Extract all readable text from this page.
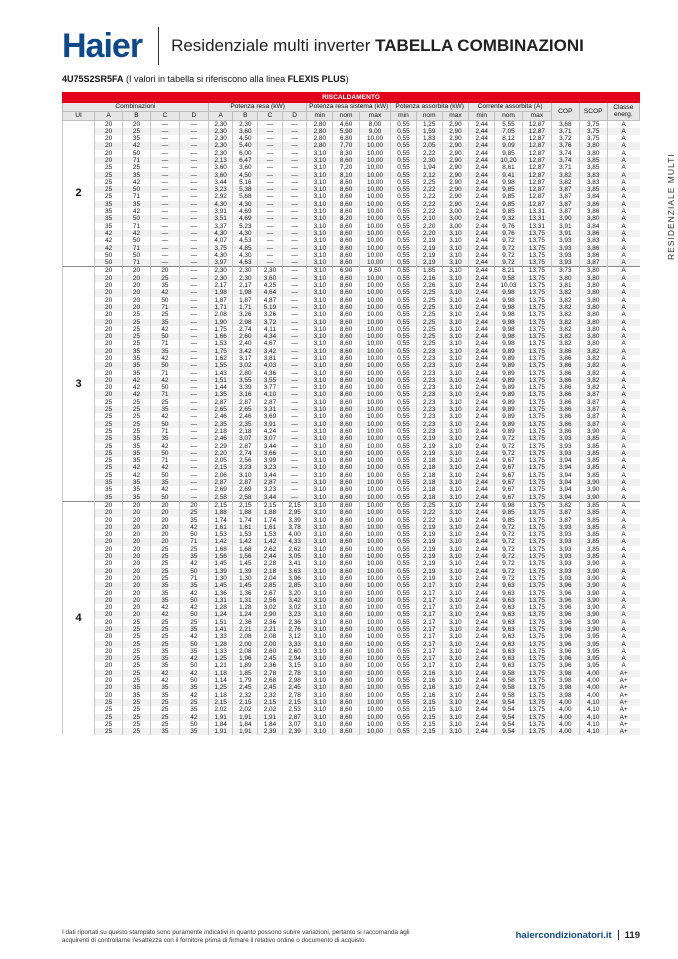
Haier Residenziale multi inverter TABELLA COMBINAZIONI
4U75S2SR5FA (I valori in tabella si riferiscono alla linea FLEXIS PLUS)
RESIDENZIALE MULTI
RISCALDAMENTO																				
Combinazioni					Potenza resa (kW)				Potenza resa sistema (kW)			Potenza assorbita (kW)			Corrente assorbita (A)			COP	SCOP	Classe energ.
UI	A	B	C	D	A	B	C	D	min	nom	max	min	nom	max	min	nom	max			
2	20	20	—	—	2,30	2,30	—	—	2,80	4,60	8,00	0,55	1,25	2,90	2,44	5,55	12,87	3,68	3,75	A
	20	25	—	—	2,30	3,60	—	—	2,80	5,90	9,00	0,55	1,59	2,90	2,44	7,05	12,87	3,71	3,75	A
	20	35	—	—	2,30	4,50	—	—	2,80	6,80	10,00	0,55	1,83	2,90	2,44	8,12	12,87	3,72	3,75	A
	20	42	—	—	2,30	5,40	—	—	2,80	7,70	10,00	0,55	2,05	2,90	2,44	9,09	12,87	3,76	3,80	A
	20	50	—	—	2,30	6,00	—	—	3,10	8,30	10,00	0,55	2,22	2,90	2,44	9,85	12,87	3,74	3,80	A
	20	71	—	—	2,13	6,47	—	—	3,10	8,60	10,00	0,55	2,30	2,90	2,44	10,20	12,87	3,74	3,85	A
	25	25	—	—	3,60	3,60	—	—	3,10	7,20	10,00	0,55	1,94	2,90	2,44	8,61	12,87	3,71	3,85	A
	25	35	—	—	3,60	4,50	—	—	3,10	8,10	10,00	0,55	2,12	2,90	2,44	9,41	12,87	3,82	3,83	A
	25	42	—	—	3,44	5,16	—	—	3,10	8,60	10,00	0,55	2,25	2,90	2,44	9,98	12,87	3,82	3,83	A
	25	50	—	—	3,23	5,38	—	—	3,10	8,60	10,00	0,55	2,22	2,90	2,44	9,85	12,87	3,87	3,85	A
	25	71	—	—	2,92	5,68	—	—	3,10	8,60	10,00	0,55	2,22	2,90	2,44	9,85	12,87	3,87	3,84	A
	35	35	—	—	4,30	4,30	—	—	3,10	8,60	10,00	0,55	2,22	2,90	2,44	9,85	12,87	3,87	3,86	A
	35	42	—	—	3,91	4,69	—	—	3,10	8,60	10,00	0,55	2,22	3,00	2,44	9,85	13,31	3,87	3,86	A
	35	50	—	—	3,51	4,69	—	—	3,10	8,20	10,00	0,55	2,10	3,00	2,44	9,32	13,31	3,90	3,80	A
	35	71	—	—	3,37	5,23	—	—	3,10	8,60	10,00	0,55	2,20	3,00	2,44	9,76	13,31	3,91	3,84	A
	42	42	—	—	4,30	4,30	—	—	3,10	8,60	10,00	0,55	2,20	3,10	2,44	9,76	13,75	3,91	3,86	A
	42	50	—	—	4,07	4,53	—	—	3,10	8,60	10,00	0,55	2,19	3,10	2,44	9,72	13,75	3,93	3,83	A
	42	71	—	—	3,75	4,85	—	—	3,10	8,60	10,00	0,55	2,19	3,10	2,44	9,72	13,75	3,93	3,86	A
	50	50	—	—	4,30	4,30	—	—	3,10	8,60	10,00	0,55	2,19	3,10	2,44	9,72	13,75	3,93	3,86	A
	50	71	—	—	3,97	4,63	—	—	3,10	8,60	10,00	0,55	2,19	3,10	2,44	9,72	13,75	3,93	3,87	A
3	20	20	20	—	2,30	2,30	2,30	—	3,10	6,90	9,50	0,55	1,85	3,10	2,44	8,21	13,75	3,73	3,80	A
	20	20	25	—	2,30	2,30	3,60	—	3,10	8,60	10,00	0,55	2,16	3,10	2,44	9,58	13,75	3,80	3,80	A
	20	20	35	—	2,17	2,17	4,25	—	3,10	8,60	10,00	0,55	2,26	3,10	2,44	10,03	13,75	3,81	3,80	A
	20	20	42	—	1,98	1,98	4,64	—	3,10	8,60	10,00	0,55	2,25	3,10	2,44	9,98	13,75	3,82	3,80	A
	20	20	50	—	1,87	1,87	4,87	—	3,10	8,60	10,00	0,55	2,25	3,10	2,44	9,98	13,75	3,82	3,80	A
	20	20	71	—	1,71	1,71	5,19	—	3,10	8,60	10,00	0,55	2,25	3,10	2,44	9,98	13,75	3,82	3,80	A
	20	25	25	—	2,08	3,26	3,26	—	3,10	8,60	10,00	0,55	2,25	3,10	2,44	9,98	13,75	3,82	3,80	A
	20	25	35	—	1,90	2,98	3,72	—	3,10	8,60	10,00	0,55	2,25	3,10	2,44	9,98	13,75	3,82	3,80	A
	20	25	42	—	1,75	2,74	4,11	—	3,10	8,60	10,00	0,55	2,25	3,10	2,44	9,98	13,75	3,82	3,80	A
	20	25	50	—	1,66	2,60	4,34	—	3,10	8,60	10,00	0,55	2,25	3,10	2,44	9,98	13,75	3,82	3,80	A
	20	25	71	—	1,53	2,40	4,67	—	3,10	8,60	10,00	0,55	2,25	3,10	2,44	9,98	13,75	3,82	3,80	A
	20	35	35	—	1,75	3,42	3,42	—	3,10	8,60	10,00	0,55	2,23	3,10	2,44	9,89	13,75	3,86	3,82	A
	20	35	42	—	1,62	3,17	3,81	—	3,10	8,60	10,00	0,55	2,23	3,10	2,44	9,89	13,75	3,86	3,82	A
	20	35	50	—	1,55	3,02	4,03	—	3,10	8,60	10,00	0,55	2,23	3,10	2,44	9,89	13,75	3,86	3,82	A
	20	35	71	—	1,43	2,80	4,36	—	3,10	8,60	10,00	0,55	2,23	3,10	2,44	9,89	13,75	3,86	3,82	A
	20	42	42	—	1,51	3,55	3,55	—	3,10	8,60	10,00	0,55	2,23	3,10	2,44	9,89	13,75	3,86	3,82	A
	20	42	50	—	1,44	3,39	3,77	—	3,10	8,60	10,00	0,55	2,23	3,10	2,44	9,89	13,75	3,86	3,82	A
	20	42	71	—	1,35	3,16	4,10	—	3,10	8,60	10,00	0,55	2,23	3,10	2,44	9,89	13,75	3,86	3,87	A
	25	25	25	—	2,87	2,87	2,87	—	3,10	8,60	10,00	0,55	2,23	3,10	2,44	9,89	13,75	3,86	3,87	A
	25	25	35	—	2,65	2,65	3,31	—	3,10	8,60	10,00	0,55	2,23	3,10	2,44	9,89	13,75	3,86	3,87	A
	25	25	42	—	2,46	2,46	3,69	—	3,10	8,60	10,00	0,55	2,23	3,10	2,44	9,89	13,75	3,86	3,87	A
	25	25	50	—	2,35	2,35	3,91	—	3,10	8,60	10,00	0,55	2,23	3,10	2,44	9,89	13,75	3,86	3,87	A
	25	25	71	—	2,18	2,18	4,24	—	3,10	8,60	10,00	0,55	2,23	3,10	2,44	9,89	13,75	3,86	3,90	A
	25	35	35	—	2,46	3,07	3,07	—	3,10	8,60	10,00	0,55	2,19	3,10	2,44	9,72	13,75	3,93	3,85	A
	25	35	42	—	2,29	2,87	3,44	—	3,10	8,60	10,00	0,55	2,19	3,10	2,44	9,72	13,75	3,93	3,85	A
	25	35	50	—	2,20	2,74	3,66	—	3,10	8,60	10,00	0,55	2,19	3,10	2,44	9,72	13,75	3,93	3,85	A
	25	35	71	—	2,05	2,56	3,99	—	3,10	8,60	10,00	0,55	2,18	3,10	2,44	9,67	13,75	3,94	3,85	A
	25	42	42	—	2,15	3,23	3,23	—	3,10	8,60	10,00	0,55	2,18	3,10	2,44	9,67	13,75	3,94	3,85	A
	25	42	50	—	2,06	3,10	3,44	—	3,10	8,60	10,00	0,55	2,18	3,10	2,44	9,67	13,75	3,94	3,85	A
	35	35	35	—	2,87	2,87	2,87	—	3,10	8,60	10,00	0,55	2,18	3,10	2,44	9,67	13,75	3,94	3,90	A
	35	35	42	—	2,69	2,69	3,23	—	3,10	8,60	10,00	0,55	2,18	3,10	2,44	9,67	13,75	3,94	3,90	A
	35	35	50	—	2,58	2,58	3,44	—	3,10	8,60	10,00	0,55	2,18	3,10	2,44	9,67	13,75	3,94	3,90	A
4	20	20	20	20	2,15	2,15	2,15	2,15	3,10	8,60	10,00	0,55	2,25	3,10	2,44	9,98	13,75	3,82	3,85	A
	20	20	20	25	1,88	1,88	1,88	2,95	3,10	8,60	10,00	0,55	2,22	3,10	2,44	9,85	13,75	3,87	3,85	A
	20	20	20	35	1,74	1,74	1,74	3,39	3,10	8,60	10,00	0,55	2,22	3,10	2,44	9,85	13,75	3,87	3,85	A
	20	20	20	42	1,61	1,61	1,61	3,78	3,10	8,60	10,00	0,55	2,19	3,10	2,44	9,72	13,75	3,93	3,85	A
	20	20	20	50	1,53	1,53	1,53	4,00	3,10	8,60	10,00	0,55	2,19	3,10	2,44	9,72	13,75	3,93	3,85	A
	20	20	20	71	1,42	1,42	1,42	4,33	3,10	8,60	10,00	0,55	2,19	3,10	2,44	9,72	13,75	3,93	3,85	A
	20	20	25	25	1,68	1,68	2,62	2,62	3,10	8,60	10,00	0,55	2,19	3,10	2,44	9,72	13,75	3,93	3,85	A
	20	20	25	35	1,56	1,56	2,44	3,05	3,10	8,60	10,00	0,55	2,19	3,10	2,44	9,72	13,75	3,93	3,85	A
	20	20	25	42	1,45	1,45	2,28	3,41	3,10	8,60	10,00	0,55	2,19	3,10	2,44	9,72	13,75	3,93	3,90	A
	20	20	25	50	1,39	1,39	2,18	3,63	3,10	8,60	10,00	0,55	2,19	3,10	2,44	9,72	13,75	3,93	3,90	A
	20	20	25	71	1,30	1,30	2,04	3,96	3,10	8,60	10,00	0,55	2,19	3,10	2,44	9,72	13,75	3,93	3,90	A
	20	20	35	35	1,45	1,45	2,85	2,85	3,10	8,60	10,00	0,55	2,17	3,10	2,44	9,63	13,75	3,96	3,90	A
	20	20	35	42	1,36	1,36	2,67	3,20	3,10	8,60	10,00	0,55	2,17	3,10	2,44	9,63	13,75	3,96	3,90	A
	20	20	35	50	1,31	1,31	2,56	3,42	3,10	8,60	10,00	0,55	2,17	3,10	2,44	9,63	13,75	3,96	3,90	A
	20	20	42	42	1,28	1,28	3,02	3,02	3,10	8,60	10,00	0,55	2,17	3,10	2,44	9,63	13,75	3,96	3,90	A
	20	20	42	50	1,24	1,24	2,90	3,23	3,10	8,60	10,00	0,55	2,17	3,10	2,44	9,63	13,75	3,96	3,90	A
	20	25	25	25	1,51	2,36	2,36	2,36	3,10	8,60	10,00	0,55	2,17	3,10	2,44	9,63	13,75	3,96	3,90	A
	20	25	25	35	1,41	2,21	2,21	2,76	3,10	8,60	10,00	0,55	2,17	3,10	2,44	9,63	13,75	3,96	3,90	A
	20	25	25	42	1,33	2,08	2,08	3,12	3,10	8,60	10,00	0,55	2,17	3,10	2,44	9,63	13,75	3,96	3,95	A
	20	25	25	50	1,28	2,00	2,00	3,33	3,10	8,60	10,00	0,55	2,17	3,10	2,44	9,63	13,75	3,96	3,95	A
	20	25	35	35	1,33	2,08	2,60	2,60	3,10	8,60	10,00	0,55	2,17	3,10	2,44	9,63	13,75	3,96	3,95	A
	20	25	35	42	1,25	1,96	2,45	2,94	3,10	8,60	10,00	0,55	2,17	3,10	2,44	9,63	13,75	3,96	3,95	A
	20	25	35	50	1,21	1,89	2,36	3,15	3,10	8,60	10,00	0,55	2,17	3,10	2,44	9,63	13,75	3,96	3,95	A
	20	25	42	42	1,18	1,85	2,78	2,78	3,10	8,60	10,00	0,55	2,16	3,10	2,44	9,58	13,75	3,98	4,00	A+
	20	25	42	50	1,14	1,79	2,68	2,98	3,10	8,60	10,00	0,55	2,16	3,10	2,44	9,58	13,75	3,98	4,00	A+
	20	35	35	35	1,25	2,45	2,45	2,45	3,10	8,60	10,00	0,55	2,16	3,10	2,44	9,58	13,75	3,98	4,00	A+
	20	35	35	42	1,18	2,32	2,32	2,78	3,10	8,60	10,00	0,55	2,16	3,10	2,44	9,58	13,75	3,98	4,00	A+
	25	25	25	25	2,15	2,15	2,15	2,15	3,10	8,60	10,00	0,55	2,15	3,10	2,44	9,54	13,75	4,00	4,10	A+
	25	25	25	35	2,02	2,02	2,02	2,53	3,10	8,60	10,00	0,55	2,15	3,10	2,44	9,54	13,75	4,00	4,10	A+
	25	25	25	42	1,91	1,91	1,91	2,87	3,10	8,60	10,00	0,55	2,15	3,10	2,44	9,54	13,75	4,00	4,10	A+
	25	25	25	50	1,84	1,84	1,84	3,07	3,10	8,60	10,00	0,55	2,15	3,10	2,44	9,54	13,75	4,00	4,10	A+
	25	25	35	35	1,91	1,91	2,39	2,39	3,10	8,60	10,00	0,55	2,15	3,10	2,44	9,54	13,75	4,00	4,10	A+
I dati riportati su questo stampato sono puramente indicativi in quanto possono subire variazioni, pertanto si raccomanda agli acquirenti di controllarne l'esattezza con il fornitore prima di firmare il relativo ordine o documento di acquisto.	haiercondizionatori.it 119
